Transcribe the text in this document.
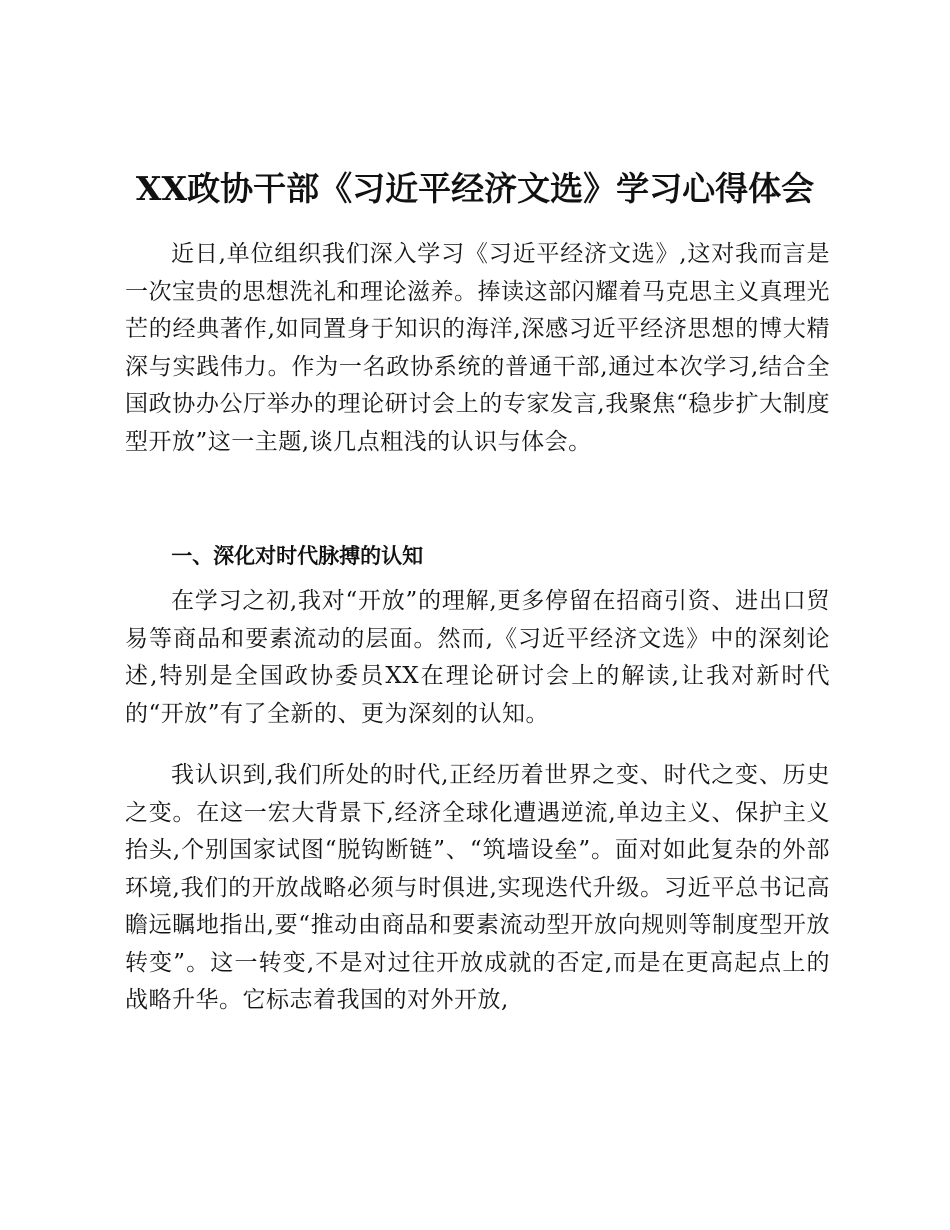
XX政协干部《习近平经济文选》学习心得体会

近日,单位组织我们深入学习《习近平经济文选》,这对我而言是一次宝贵的思想洗礼和理论滋养。捧读这部闪耀着马克思主义真理光芒的经典著作,如同置身于知识的海洋,深感习近平经济思想的博大精深与实践伟力。作为一名政协系统的普通干部,通过本次学习,结合全国政协办公厅举办的理论研讨会上的专家发言,我聚焦“稳步扩大制度型开放”这一主题,谈几点粗浅的认识与体会。

一、深化对时代脉搏的认知

在学习之初,我对“开放”的理解,更多停留在招商引资、进出口贸易等商品和要素流动的层面。然而,《习近平经济文选》中的深刻论述,特别是全国政协委员XX在理论研讨会上的解读,让我对新时代的“开放”有了全新的、更为深刻的认知。

我认识到,我们所处的时代,正经历着世界之变、时代之变、历史之变。在这一宏大背景下,经济全球化遭遇逆流,单边主义、保护主义抬头,个别国家试图“脱钩断链”、“筑墙设垒”。面对如此复杂的外部环境,我们的开放战略必须与时俱进,实现迭代升级。习近平总书记高瞻远瞩地指出,要“推动由商品和要素流动型开放向规则等制度型开放转变”。这一转变,不是对过往开放成就的否定,而是在更高起点上的战略升华。它标志着我国的对外开放,
